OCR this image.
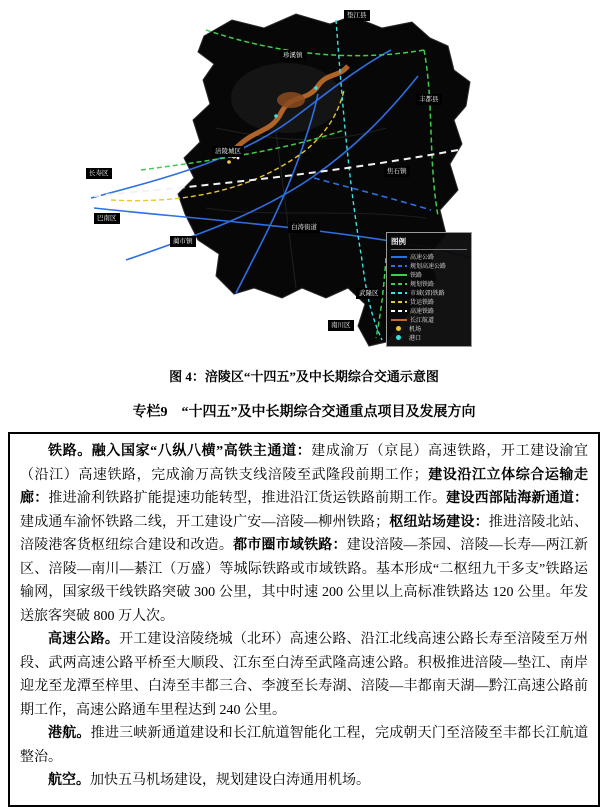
垫江县
珍溪镇
丰都县
焦石镇
武隆区
南川区
长寿区
巴南区
蔺市镇
白涛街道
涪陵城区
图例
高速公路
规划高速公路
铁路
规划铁路
市域(郊)铁路
货运铁路
高速铁路
长江航道
机场
港口
图 4：涪陵区“十四五”及中长期综合交通示意图
专栏9　“十四五”及中长期综合交通重点项目及发展方向

铁路。融入国家“八纵八横”高铁主通道：建成渝万（京昆）高速铁路，开工建设渝宜（沿江）高速铁路，完成渝万高铁支线涪陵至武隆段前期工作；建设沿江立体综合运输走廊：推进渝利铁路扩能提速功能转型，推进沿江货运铁路前期工作。建设西部陆海新通道：建成通车渝怀铁路二线，开工建设广安—涪陵—柳州铁路；枢纽站场建设：推进涪陵北站、涪陵港客货枢纽综合建设和改造。都市圈市域铁路：建设涪陵—茶园、涪陵—长寿—两江新区、涪陵—南川—綦江（万盛）等城际铁路或市域铁路。基本形成“二枢纽九干多支”铁路运输网，国家级干线铁路突破 300 公里，其中时速 200 公里以上高标准铁路达 120 公里。年发送旅客突破 800 万人次。

高速公路。开工建设涪陵绕城（北环）高速公路、沿江北线高速公路长寿至涪陵至万州段、武两高速公路平桥至大顺段、江东至白涛至武隆高速公路。积极推进涪陵—垫江、南岸迎龙至龙潭至梓里、白涛至丰都三合、李渡至长寿湖、涪陵—丰都南天湖—黔江高速公路前期工作，高速公路通车里程达到 240 公里。

港航。推进三峡新通道建设和长江航道智能化工程，完成朝天门至涪陵至丰都长江航道整治。

航空。加快五马机场建设，规划建设白涛通用机场。
